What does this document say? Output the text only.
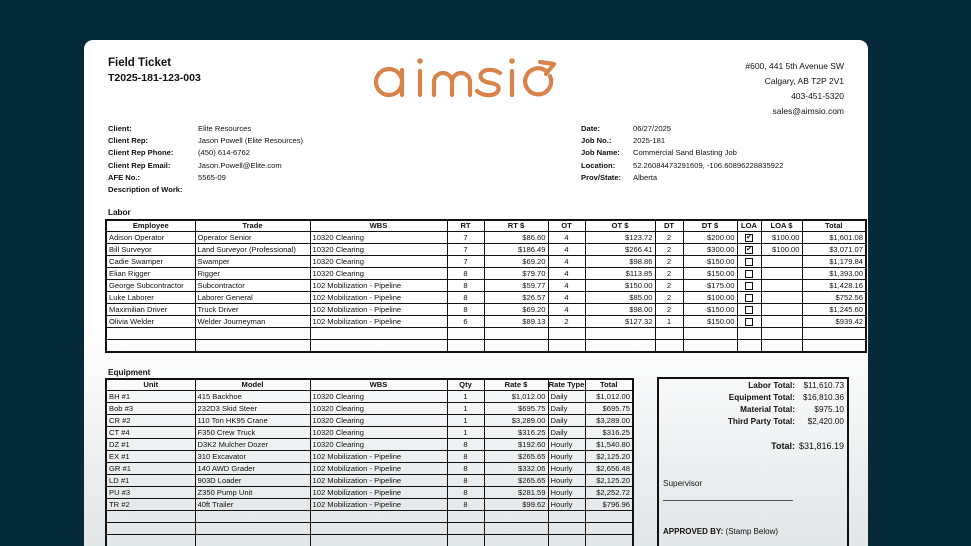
Field Ticket
T2025-181-123-003
#600, 441 5th Avenue SW
Calgary, AB T2P 2V1
403-451-5320
sales@aimsio.com
Client:	Elite Resources
Client Rep:	Jason Powell (Elite Resources)
Client Rep Phone:	(450) 614-6762
Client Rep Email:	Jason.Powell@Elite.com
AFE No.:	5565-09
Description of Work:
Date:	06/27/2025
Job No.:	2025-181
Job Name: Commercial Sand Blasting Job
Location: 52.26084473291609, -106.60896228835922
Prov/State: Alberta
Labor
Employee	Trade	WBS	RT	RT $	OT	OT $	DT	DT $	LOA	LOA $	Total
Adison Operator	Operator Senior	10320 Clearing	7	$86.60	4	$123.72	2	$200.00	✔	$100.00	$1,601.08
Bill Surveyor	Land Surveyor (Professional)	10320 Clearing	7	$186.49	4	$266.41	2	$300.00	✔	$100.00	$3,071.07
Cadie Swamper	Swamper	10320 Clearing	7	$69.20	4	$98.86	2	$150.00			$1,179.84
Elian Rigger	Rigger	10320 Clearing	8	$79.70	4	$113.85	2	$150.00			$1,393.00
George Subcontractor	Subcontractor	102 Mobilization - Pipeline	8	$59.77	4	$150.00	2	$175.00			$1,428.16
Luke Laborer	Laborer General	102 Mobilization - Pipeline	8	$26.57	4	$85.00	2	$100.00			$752.56
Maximilian Driver	Truck Driver	102 Mobilization - Pipeline	8	$69.20	4	$98.00	2	$150.00			$1,245.60
Olivia Welder	Welder Journeyman	102 Mobilization - Pipeline	6	$89.13	2	$127.32	1	$150.00			$939.42

Equipment
Unit	Model	WBS	Qty	Rate $	Rate Type	Total
BH #1	415 Backhoe	10320 Clearing	1	$1,012.00	Daily	$1,012.00
Bob #3	232D3 Skid Steer	10320 Clearing	1	$695.75	Daily	$695.75
CR #2	110 Ton HK95 Crane	10320 Clearing	1	$3,289.00	Daily	$3,289.00
CT #4	F350 Crew Truck	10320 Clearing	1	$316.25	Daily	$316.25
DZ #1	D3K2 Mulcher Dozer	10320 Clearing	8	$192.60	Hourly	$1,540.80
EX #1	310 Excavator	102 Mobilization - Pipeline	8	$265.65	Hourly	$2,125.20
GR #1	140 AWD Grader	102 Mobilization - Pipeline	8	$332.06	Hourly	$2,656.48
LD #1	903D Loader	102 Mobilization - Pipeline	8	$265.65	Hourly	$2,125.20
PU #3	Z350 Pump Unit	102 Mobilization - Pipeline	8	$281.59	Hourly	$2,252.72
TR #2	40ft Trailer	102 Mobilization - Pipeline	8	$99.62	Hourly	$796.96

Labor Total: $11,610.73
Equipment Total: $16,810.36
Material Total: $975.10
Third Party Total: $2,420.00
Total: $31,816.19
Supervisor
APPROVED BY: (Stamp Below)
